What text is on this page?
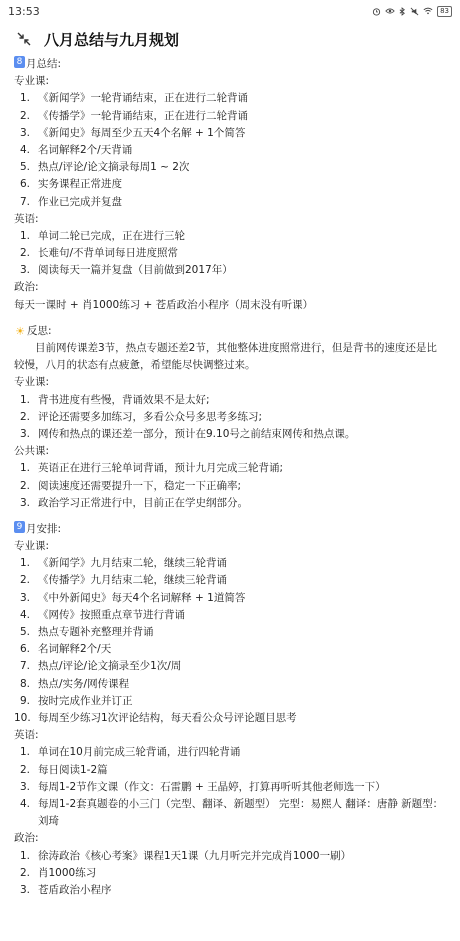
13:53	83
八月总结与九月规划
8 月总结:
专业课:
1. 《新闻学》一轮背诵结束，正在进行二轮背诵
2. 《传播学》一轮背诵结束，正在进行二轮背诵
3. 《新闻史》每周至少五天4个名解 + 1个简答
4. 名词解释2个/天背诵
5. 热点/评论/论文摘录每周1 ~ 2次
6. 实务课程正常进度
7. 作业已完成并复盘
英语:
1. 单词二轮已完成，正在进行三轮
2. 长难句/不背单词每日进度照常
3. 阅读每天一篇并复盘（目前做到2017年）
政治:
每天一课时 + 肖1000练习 + 苍盾政治小程序（周末没有听课）
☀ 反思:
目前网传课差3节，热点专题还差2节，其他整体进度照常进行，但是背书的速度还是比较慢，八月的状态有点疲惫，希望能尽快调整过来。
专业课:
1. 背书进度有些慢，背诵效果不是太好;
2. 评论还需要多加练习，多看公众号多思考多练习;
3. 网传和热点的课还差一部分，预计在9.10号之前结束网传和热点课。
公共课:
1. 英语正在进行三轮单词背诵，预计九月完成三轮背诵;
2. 阅读速度还需要提升一下，稳定一下正确率;
3. 政治学习正常进行中，目前正在学史纲部分。
9 月安排:
专业课:
1. 《新闻学》九月结束二轮，继续三轮背诵
2. 《传播学》九月结束二轮，继续三轮背诵
3. 《中外新闻史》每天4个名词解释 + 1道简答
4. 《网传》按照重点章节进行背诵
5. 热点专题补充整理并背诵
6. 名词解释2个/天
7. 热点/评论/论文摘录至少1次/周
8. 热点/实务/网传课程
9. 按时完成作业并订正
10. 每周至少练习1次评论结构，每天看公众号评论题目思考
英语:
1. 单词在10月前完成三轮背诵，进行四轮背诵
2. 每日阅读1-2篇
3. 每周1-2节作文课（作文：石雷鹏 + 王晶婷，打算再听听其他老师选一下）
4. 每周1-2套真题卷的小三门（完型、翻译、新题型） 完型：易熙人 翻译：唐静 新题型：刘琦
政治:
1. 徐涛政治《核心考案》课程1天1课（九月听完并完成肖1000一刷）
2. 肖1000练习
3. 苍盾政治小程序
